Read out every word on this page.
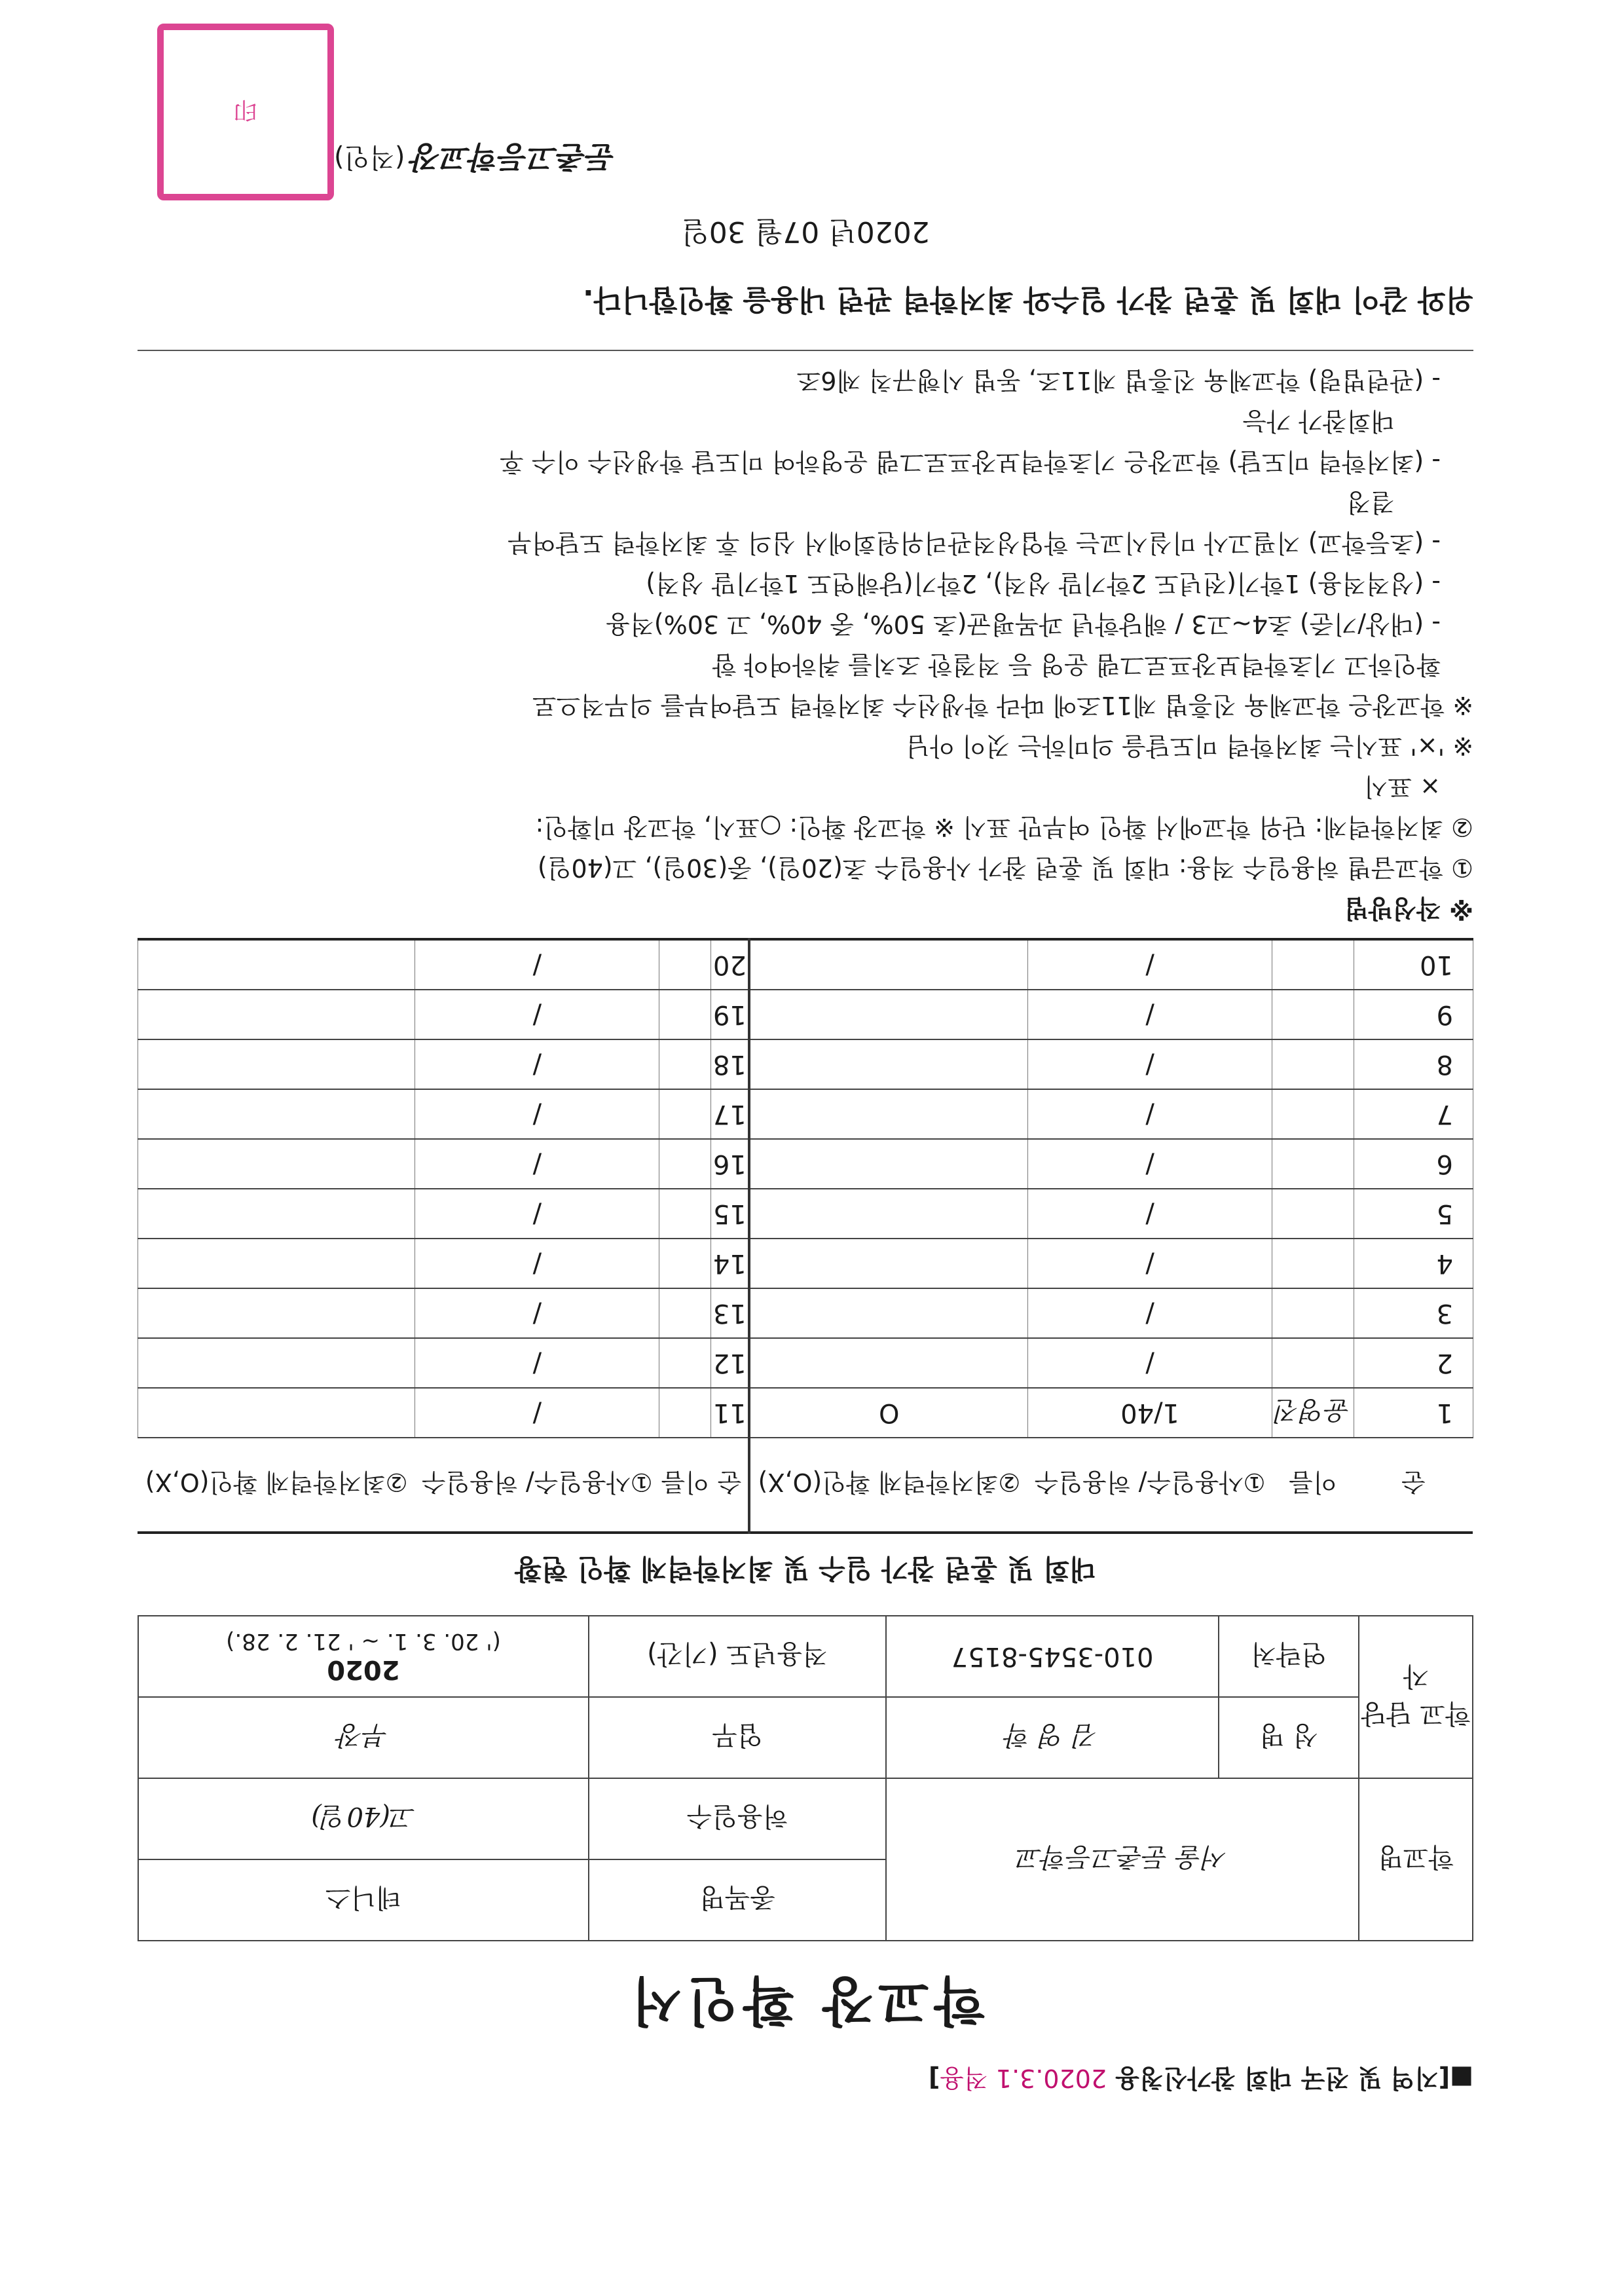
■[지역 및 전국 대회 참가신청용 2020.3.1 적용]
학교장 확인서
학교명	서울 둔촌고등학교		종목명	테니스
			허용일수	고(40일)
학교 담당자	성 명	김 영 학	업무	부장
	연락처	010-3545-8157	적용년도 (기간)	2020
(' 20. 3. 1. ~ ' 21. 2. 28.)
대회 및 훈련 참가 일수 및 최저학력제 확인 현황
순	이름	①사용일수/ 허용일수	②최저학력제 확인(O,X)	순	이름	①사용일수/ 허용일수	②최저학력제 확인(O,X)
1	윤영진	1/40	O	11		/	
2		/		12		/	
3		/		13		/	
4		/		14		/	
5		/		15		/	
6		/		16		/	
7		/		17		/	
8		/		18		/	
9		/		19		/	
10		/		20		/	
※ 작성방법
① 학교급별 허용일수 적용: 대회 및 훈련 참가 사용일수 초(20일), 중(30일), 고(40일)
② 최저학력제: 단위 학교에서 확인 여부만 표시 ※ 학교장 확인: ○표시, 학교장 미확인:
× 표시
※ '×' 표시는 최저학력 미도달을 의미하는 것이 아님
※ 학교장은 학교체육 진흥법 제11조에 따라 학생선수 최저학력 도달여부를 의무적으로
확인하고 기초학력보장프로그램 운영 등 적절한 조치를 취하여야 함
- (대상/기준) 초4~고3 / 해당학년 과목평균(초 50%, 중 40%, 고 30%)적용
- (성적적용) 1학기(전년도 2학기말 성적), 2학기(당해연도 1학기말 성적)
- (초등학교) 지필고사 미실시교는 학업성적관리위원회에서 심의 후 최저학력 도달여부
결정
- (최저학력 미도달) 학교장은 기초학력보장프로그램 운영하여 미도달 학생선수 이수 후
대회참가 가능
- (관련법령) 학교체육 진흥법 제11조, 동법 시행규칙 제6조
위와 같이 대회 및 훈련 참가 일수와 최저학력 관련 내용을 확인합니다.
2020년 07월 30일
둔촌고등학교장
(직인)
印
